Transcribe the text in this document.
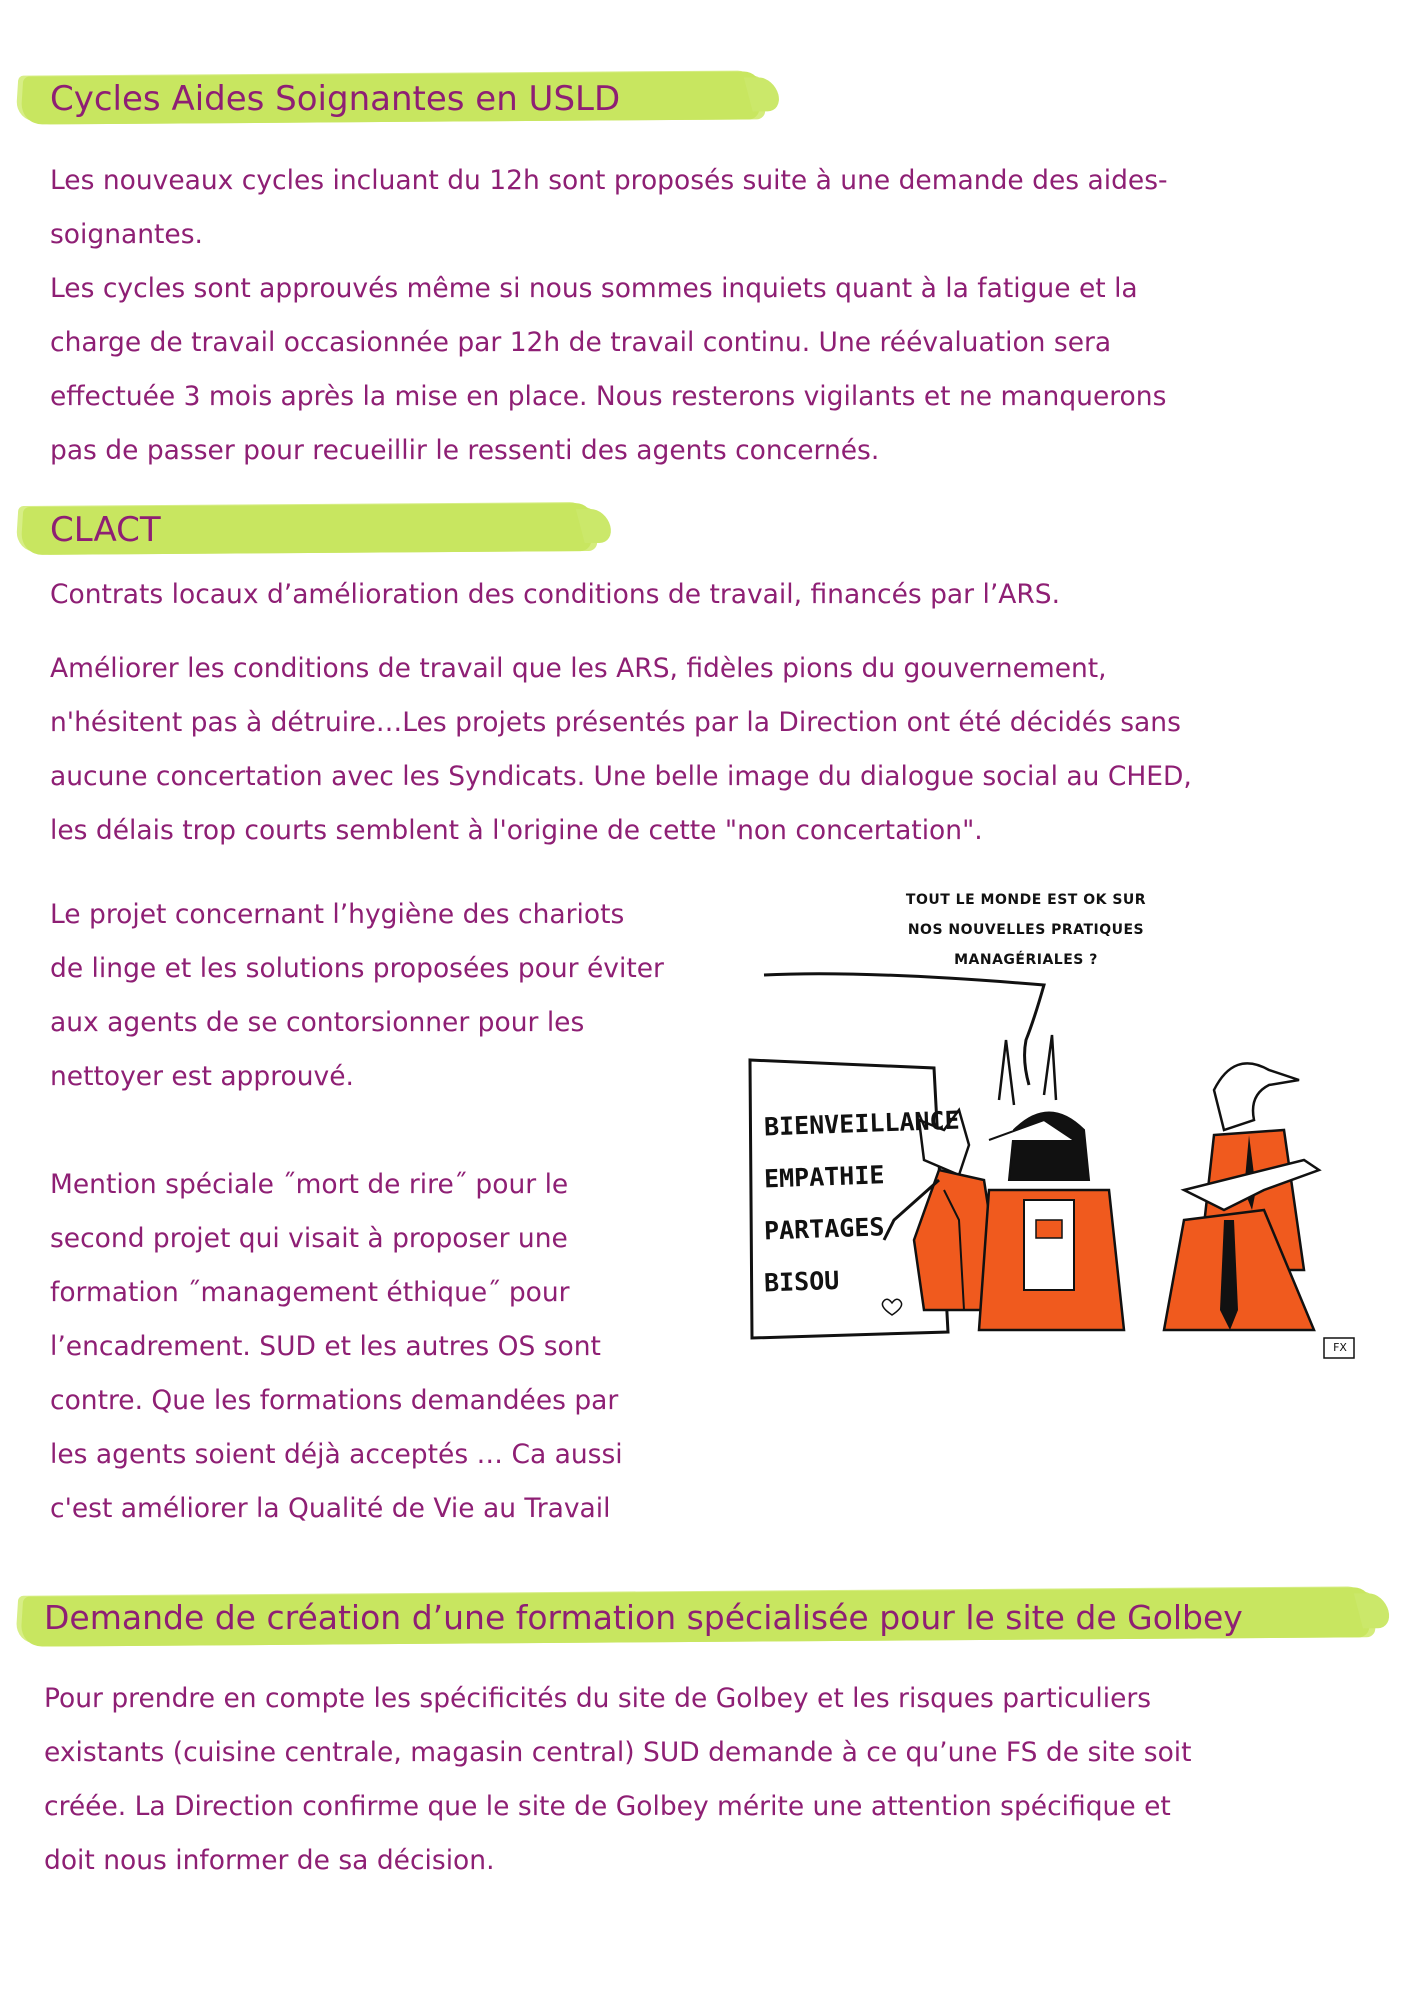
Cycles Aides Soignantes en USLD
Les nouveaux cycles incluant du 12h sont proposés suite à une demande des aides-
soignantes.
Les cycles sont approuvés même si nous sommes inquiets quant à la fatigue et la
charge de travail occasionnée par 12h de travail continu. Une réévaluation sera
effectuée 3 mois après la mise en place. Nous resterons vigilants et ne manquerons
pas de passer pour recueillir le ressenti des agents concernés.
CLACT
Contrats locaux d’amélioration des conditions de travail, financés par l’ARS.
Améliorer les conditions de travail que les ARS, fidèles pions du gouvernement,
n'hésitent pas à détruire…Les projets présentés par la Direction ont été décidés sans
aucune concertation avec les Syndicats. Une belle image du dialogue social au CHED,
les délais trop courts semblent à l'origine de cette "non concertation".
Le projet concernant l’hygiène des chariots
de linge et les solutions proposées pour éviter
aux agents de se contorsionner pour les
nettoyer est approuvé.
Mention spéciale ˝mort de rire˝ pour le
second projet qui visait à proposer une
formation ˝management éthique˝ pour
l’encadrement. SUD et les autres OS sont
contre. Que les formations demandées par
les agents soient déjà acceptés … Ca aussi
c'est améliorer la Qualité de Vie au Travail
TOUT LE MONDE EST OK SUR
NOS NOUVELLES PRATIQUES
MANAGÉRIALES ?
BIENVEILLANCE
EMPATHIE
PARTAGES
BISOU
FX
Demande de création d’une formation spécialisée pour le site de Golbey
Pour prendre en compte les spécificités du site de Golbey et les risques particuliers
existants (cuisine centrale, magasin central) SUD demande à ce qu’une FS de site soit
créée. La Direction confirme que le site de Golbey mérite une attention spécifique et
doit nous informer de sa décision.
